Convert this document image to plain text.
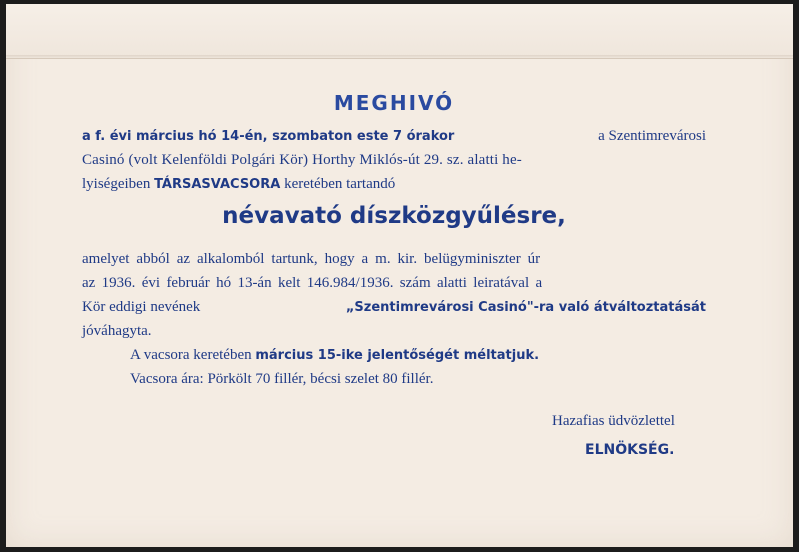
MEGHIVÓ
a f. évi március hó 14-én, szombaton este 7 órakor	a Szentimrevárosi
Casinó (volt Kelenföldi Polgári Kör) Horthy Miklós-út 29. sz. alatti he-
lyiségeiben TÁRSASVACSORA keretében tartandó
névavató díszközgyűlésre,
amelyet abból az alkalomból tartunk, hogy a m. kir. belügyminiszter úr
az 1936. évi február hó 13-án kelt 146.984/1936. szám alatti leiratával a
Kör eddigi nevének	„Szentimrevárosi Casinó"-ra való átváltoztatását
jóváhagyta.
A vacsora keretében március 15-ike jelentőségét méltatjuk.
Vacsora ára: Pörkölt 70 fillér, bécsi szelet 80 fillér.
Hazafias üdvözlettel
ELNÖKSÉG.
